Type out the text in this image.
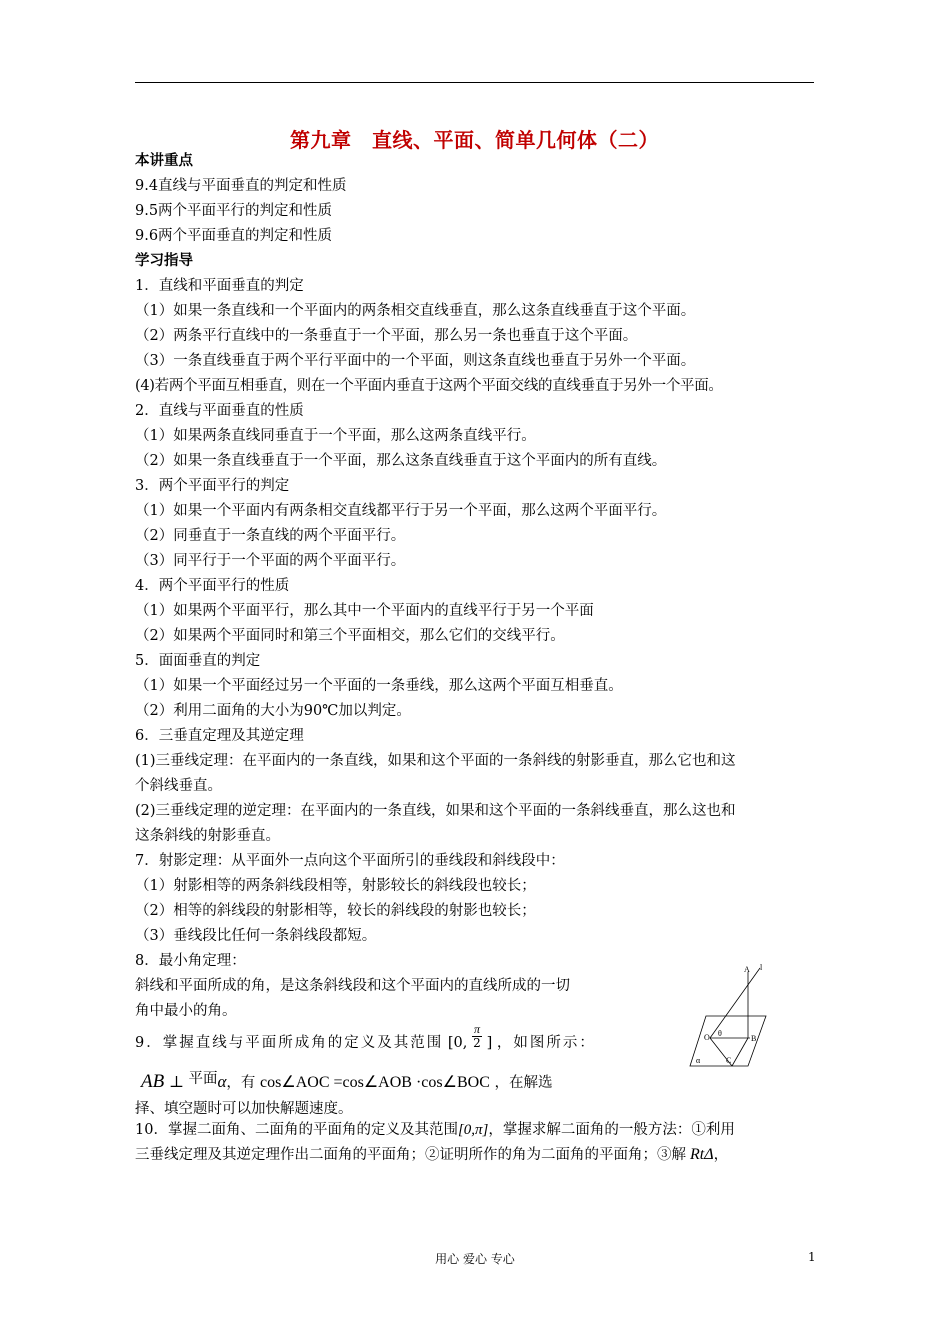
第九章　直线、平面、简单几何体（二）
本讲重点
9.4直线与平面垂直的判定和性质
9.5两个平面平行的判定和性质
9.6两个平面垂直的判定和性质
学习指导
1．直线和平面垂直的判定
（1）如果一条直线和一个平面内的两条相交直线垂直，那么这条直线垂直于这个平面。
（2）两条平行直线中的一条垂直于一个平面，那么另一条也垂直于这个平面。
（3）一条直线垂直于两个平行平面中的一个平面，则这条直线也垂直于另外一个平面。
(4)若两个平面互相垂直，则在一个平面内垂直于这两个平面交线的直线垂直于另外一个平面。
2．直线与平面垂直的性质
（1）如果两条直线同垂直于一个平面，那么这两条直线平行。
（2）如果一条直线垂直于一个平面，那么这条直线垂直于这个平面内的所有直线。
3．两个平面平行的判定
（1）如果一个平面内有两条相交直线都平行于另一个平面，那么这两个平面平行。
（2）同垂直于一条直线的两个平面平行。
（3）同平行于一个平面的两个平面平行。
4．两个平面平行的性质
（1）如果两个平面平行，那么其中一个平面内的直线平行于另一个平面
（2）如果两个平面同时和第三个平面相交，那么它们的交线平行。
5．面面垂直的判定
（1）如果一个平面经过另一个平面的一条垂线，那么这两个平面互相垂直。
（2）利用二面角的大小为90℃加以判定。
6．三垂直定理及其逆定理
(1)三垂线定理：在平面内的一条直线，如果和这个平面的一条斜线的射影垂直，那么它也和这
个斜线垂直。
(2)三垂线定理的逆定理：在平面内的一条直线，如果和这个平面的一条斜线垂直，那么这也和
这条斜线的射影垂直。
7．射影定理：从平面外一点向这个平面所引的垂线段和斜线段中：
（1）射影相等的两条斜线段相等，射影较长的斜线段也较长；
（2）相等的斜线段的射影相等，较长的斜线段的射影也较长；
（3）垂线段比任何一条斜线段都短。
8．最小角定理：
斜线和平面所成的角，是这条斜线段和这个平面内的直线所成的一切
角中最小的角。
9．掌握直线与平面所成角的定义及其范围 [0, $\frac{\pi}{2}$ ] ，如图所示：
AB ⊥ 平面α，有 cos∠AOC =cos∠AOB ·cos∠BOC ，在解选
择、填空题时可以加快解题速度。
10．掌握二面角、二面角的平面角的定义及其范围[0,π]，掌握求解二面角的一般方法：①利用
三垂线定理及其逆定理作出二面角的平面角；②证明所作的角为二面角的平面角；③解 RtΔ，
A l
O θ
B
C
α
用心 爱心 专心	1
